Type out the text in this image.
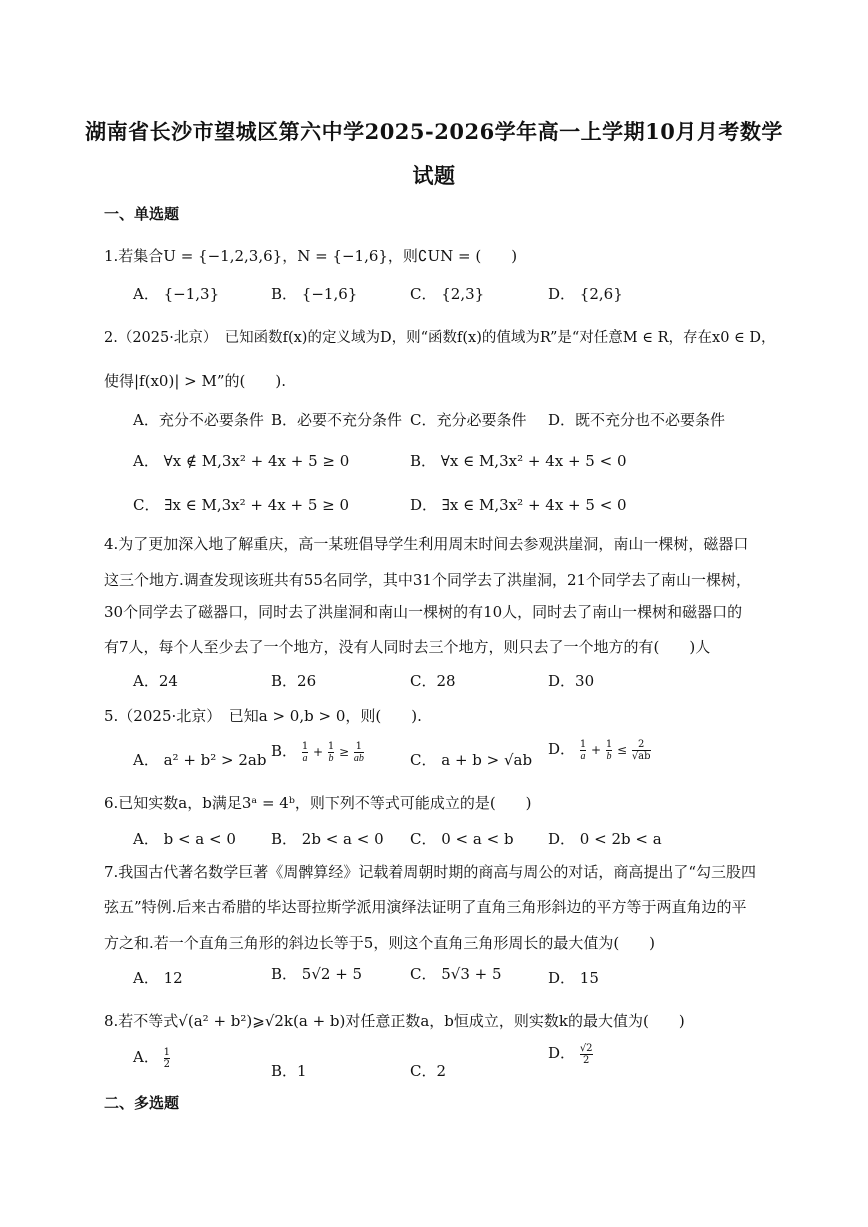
湖南省长沙市望城区第六中学2025-2026学年高一上学期10月月考数学
试题
一、单选题
1.若集合U = {−1,2,3,6}，N = {−1,6}，则∁UN = (　　)
A． {−1,3}	B． {−1,6}	C． {2,3}	D． {2,6}
2.（2025·北京）　已知函数f(x)的定义域为D，则“函数f(x)的值域为R”是“对任意M ∈ R，存在x0 ∈ D，
使得|f(x0)| > M”的(　　).
A．充分不必要条件 B．必要不充分条件 C．充分必要条件 D．既不充分也不必要条件
A． ∀x ∉ M,3x² + 4x + 5 ≥ 0	B． ∀x ∈ M,3x² + 4x + 5 < 0
C． ∃x ∈ M,3x² + 4x + 5 ≥ 0	D． ∃x ∈ M,3x² + 4x + 5 < 0
4.为了更加深入地了解重庆，高一某班倡导学生利用周末时间去参观洪崖洞，南山一棵树，磁器口
这三个地方.调查发现该班共有55名同学，其中31个同学去了洪崖洞，21个同学去了南山一棵树，
30个同学去了磁器口，同时去了洪崖洞和南山一棵树的有10人，同时去了南山一棵树和磁器口的
有7人，每个人至少去了一个地方，没有人同时去三个地方，则只去了一个地方的有(　　)人
A．24	B．26	C．28	D．30
5.（2025·北京）　已知a > 0,b > 0，则(　　).
A． a² + b² > 2ab B． $\frac{1}{a} + \frac{1}{b} \ge \frac{1}{ab}$	C． a + b > √ab
D． $\frac{1}{a} + \frac{1}{b} \le \frac{2}{√ab}$
6.已知实数a，b满足3ᵃ = 4ᵇ，则下列不等式可能成立的是(　　)
A． b < a < 0 B． 2b < a < 0 C． 0 < a < b D． 0 < 2b < a
7.我国古代著名数学巨著《周髀算经》记载着周朝时期的商高与周公的对话，商高提出了“勾三股四
弦五”特例.后来古希腊的毕达哥拉斯学派用演绎法证明了直角三角形斜边的平方等于两直角边的平
方之和.若一个直角三角形的斜边长等于5，则这个直角三角形周长的最大值为(　　)
A． 12	B． 5√2 + 5	C． 5√3 + 5	D． 15
8.若不等式√(a² + b²)⩾√2k(a + b)对任意正数a，b恒成立，则实数k的最大值为(　　)
A． $\frac{1}{2}$
B．1	C．2
D． $\frac{√2}{2}$
二、多选题
